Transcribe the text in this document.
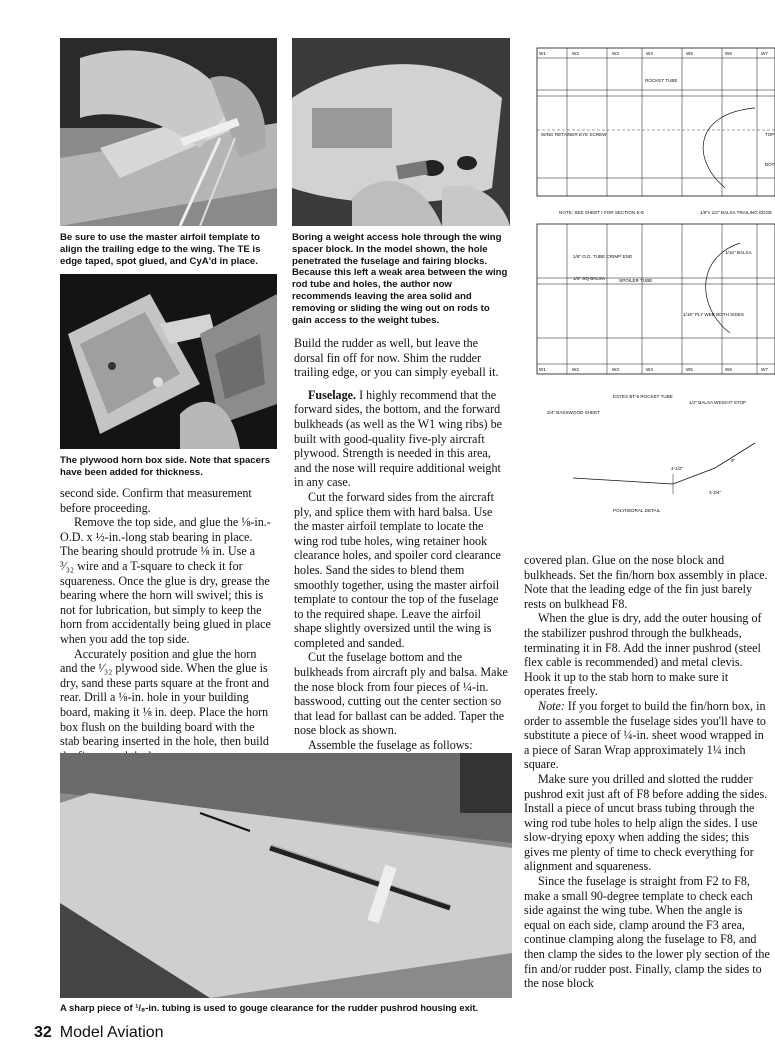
Be sure to use the master airfoil template to align the trailing edge to the wing. The TE is edge taped, spot glued, and CyA'd in place.

Boring a weight access hole through the wing spacer block. In the model shown, the hole penetrated the fuselage and fairing blocks. Because this left a weak area between the wing rod tube and holes, the author now recommends leaving the area solid and removing or sliding the wing out on rods to gain access to the weight tubes.

The plywood horn box side. Note that spacers have been added for thickness.

second side. Confirm that measurement before proceeding.

Remove the top side, and glue the ⅛-in.-O.D. x ½-in.-long stab bearing in place. The bearing should protrude ⅛ in. Use a ³⁄₃₂ wire and a T-square to check it for squareness. Once the glue is dry, grease the bearing where the horn will swivel; this is not for lubrication, but simply to keep the horn from accidentally being glued in place when you add the top side.

Accurately position and glue the horn and the ¹⁄₃₂ plywood side. When the glue is dry, sand these parts square at the front and rear. Drill a ⅛-in. hole in your building board, making it ⅛ in. deep. Place the horn box flush on the building board with the stab bearing inserted in the hole, then build

Build the rudder as well, but leave the dorsal fin off for now. Shim the rudder trailing edge, or you can simply eyeball it.

Fuselage. I highly recommend that the forward sides, the bottom, and the forward bulkheads (as well as the W1 wing ribs) be built with good-quality five-ply aircraft plywood. Strength is needed in this area, and the nose will require additional weight in any case.

Cut the forward sides from the aircraft ply, and splice them with hard balsa. Use the master airfoil template to locate the wing rod tube holes, wing retainer hook clearance holes, and spoiler cord clearance holes. Sand the sides to blend them smoothly together, using the master airfoil template to contour the top of the fuselage to the required shape. Leave the airfoil shape slightly oversized until the wing is completed and sanded.

Cut the fuselage bottom and the bulkheads from aircraft ply and balsa. Make the nose block from four pieces of ¼-in. basswood, cutting out the center section so that lead for ballast can be added. Taper the nose block as shown.

Assemble the fuselage as follows:

W1	W2	W3	W4	W5	W6	W7
ROCKET TUBE
WING RETAINER EYE SCREW	TOP
BOT
NOTE: SEE SHEET I FOR SECTION E-E	1/8"x 1/2" BALSA TRAILING EDGE
1/8" O.D. TUBE CRIMP END
1/2" SQ BALSA	SPOILER TUBE
1/16" PLY WEB BOTH SIDES
1/16" BALSA
W1	W2	W3	W4	W5	W6	W7
3/4" BASSWOOD SHEET
ESTES BT-5 ROCKET TUBE
1/2" BALSA WEIGHT STOP
3-1/2"
3-3/4"
9"
POLYHEDRAL DETAIL

covered plan. Glue on the nose block and bulkheads. Set the fin/horn box assembly in place. Note that the leading edge of the fin just barely rests on bulkhead F8.

When the glue is dry, add the outer housing of the stabilizer pushrod through the bulkheads, terminating it in F8. Add the inner pushrod (steel flex cable is recommended) and metal clevis. Hook it up to the stab horn to make sure it operates freely.

Note: If you forget to build the fin/horn box, in order to assemble the fuselage sides you'll have to substitute a piece of ¼-in. sheet wood wrapped in a piece of Saran Wrap approximately 1¼ inch square.

Make sure you drilled and slotted the rudder pushrod exit just aft of F8 before adding the sides. Install a piece of uncut brass tubing through the wing rod tube holes to help align the sides. I use slow-drying epoxy when adding the sides; this gives me plenty of time to check everything for alignment and squareness.

Since the fuselage is straight from F2 to F8, make a small 90-degree template to check each side against the wing tube. When the angle is equal on each side, clamp around the F3 area, continue clamping along the fuselage to F8, and then clamp the sides to the lower ply section of the fin and/or rudder post. Finally, clamp the sides to the nose block

A sharp piece of ¹/₈-in. tubing is used to gouge clearance for the rudder pushrod housing exit.

32 Model Aviation
